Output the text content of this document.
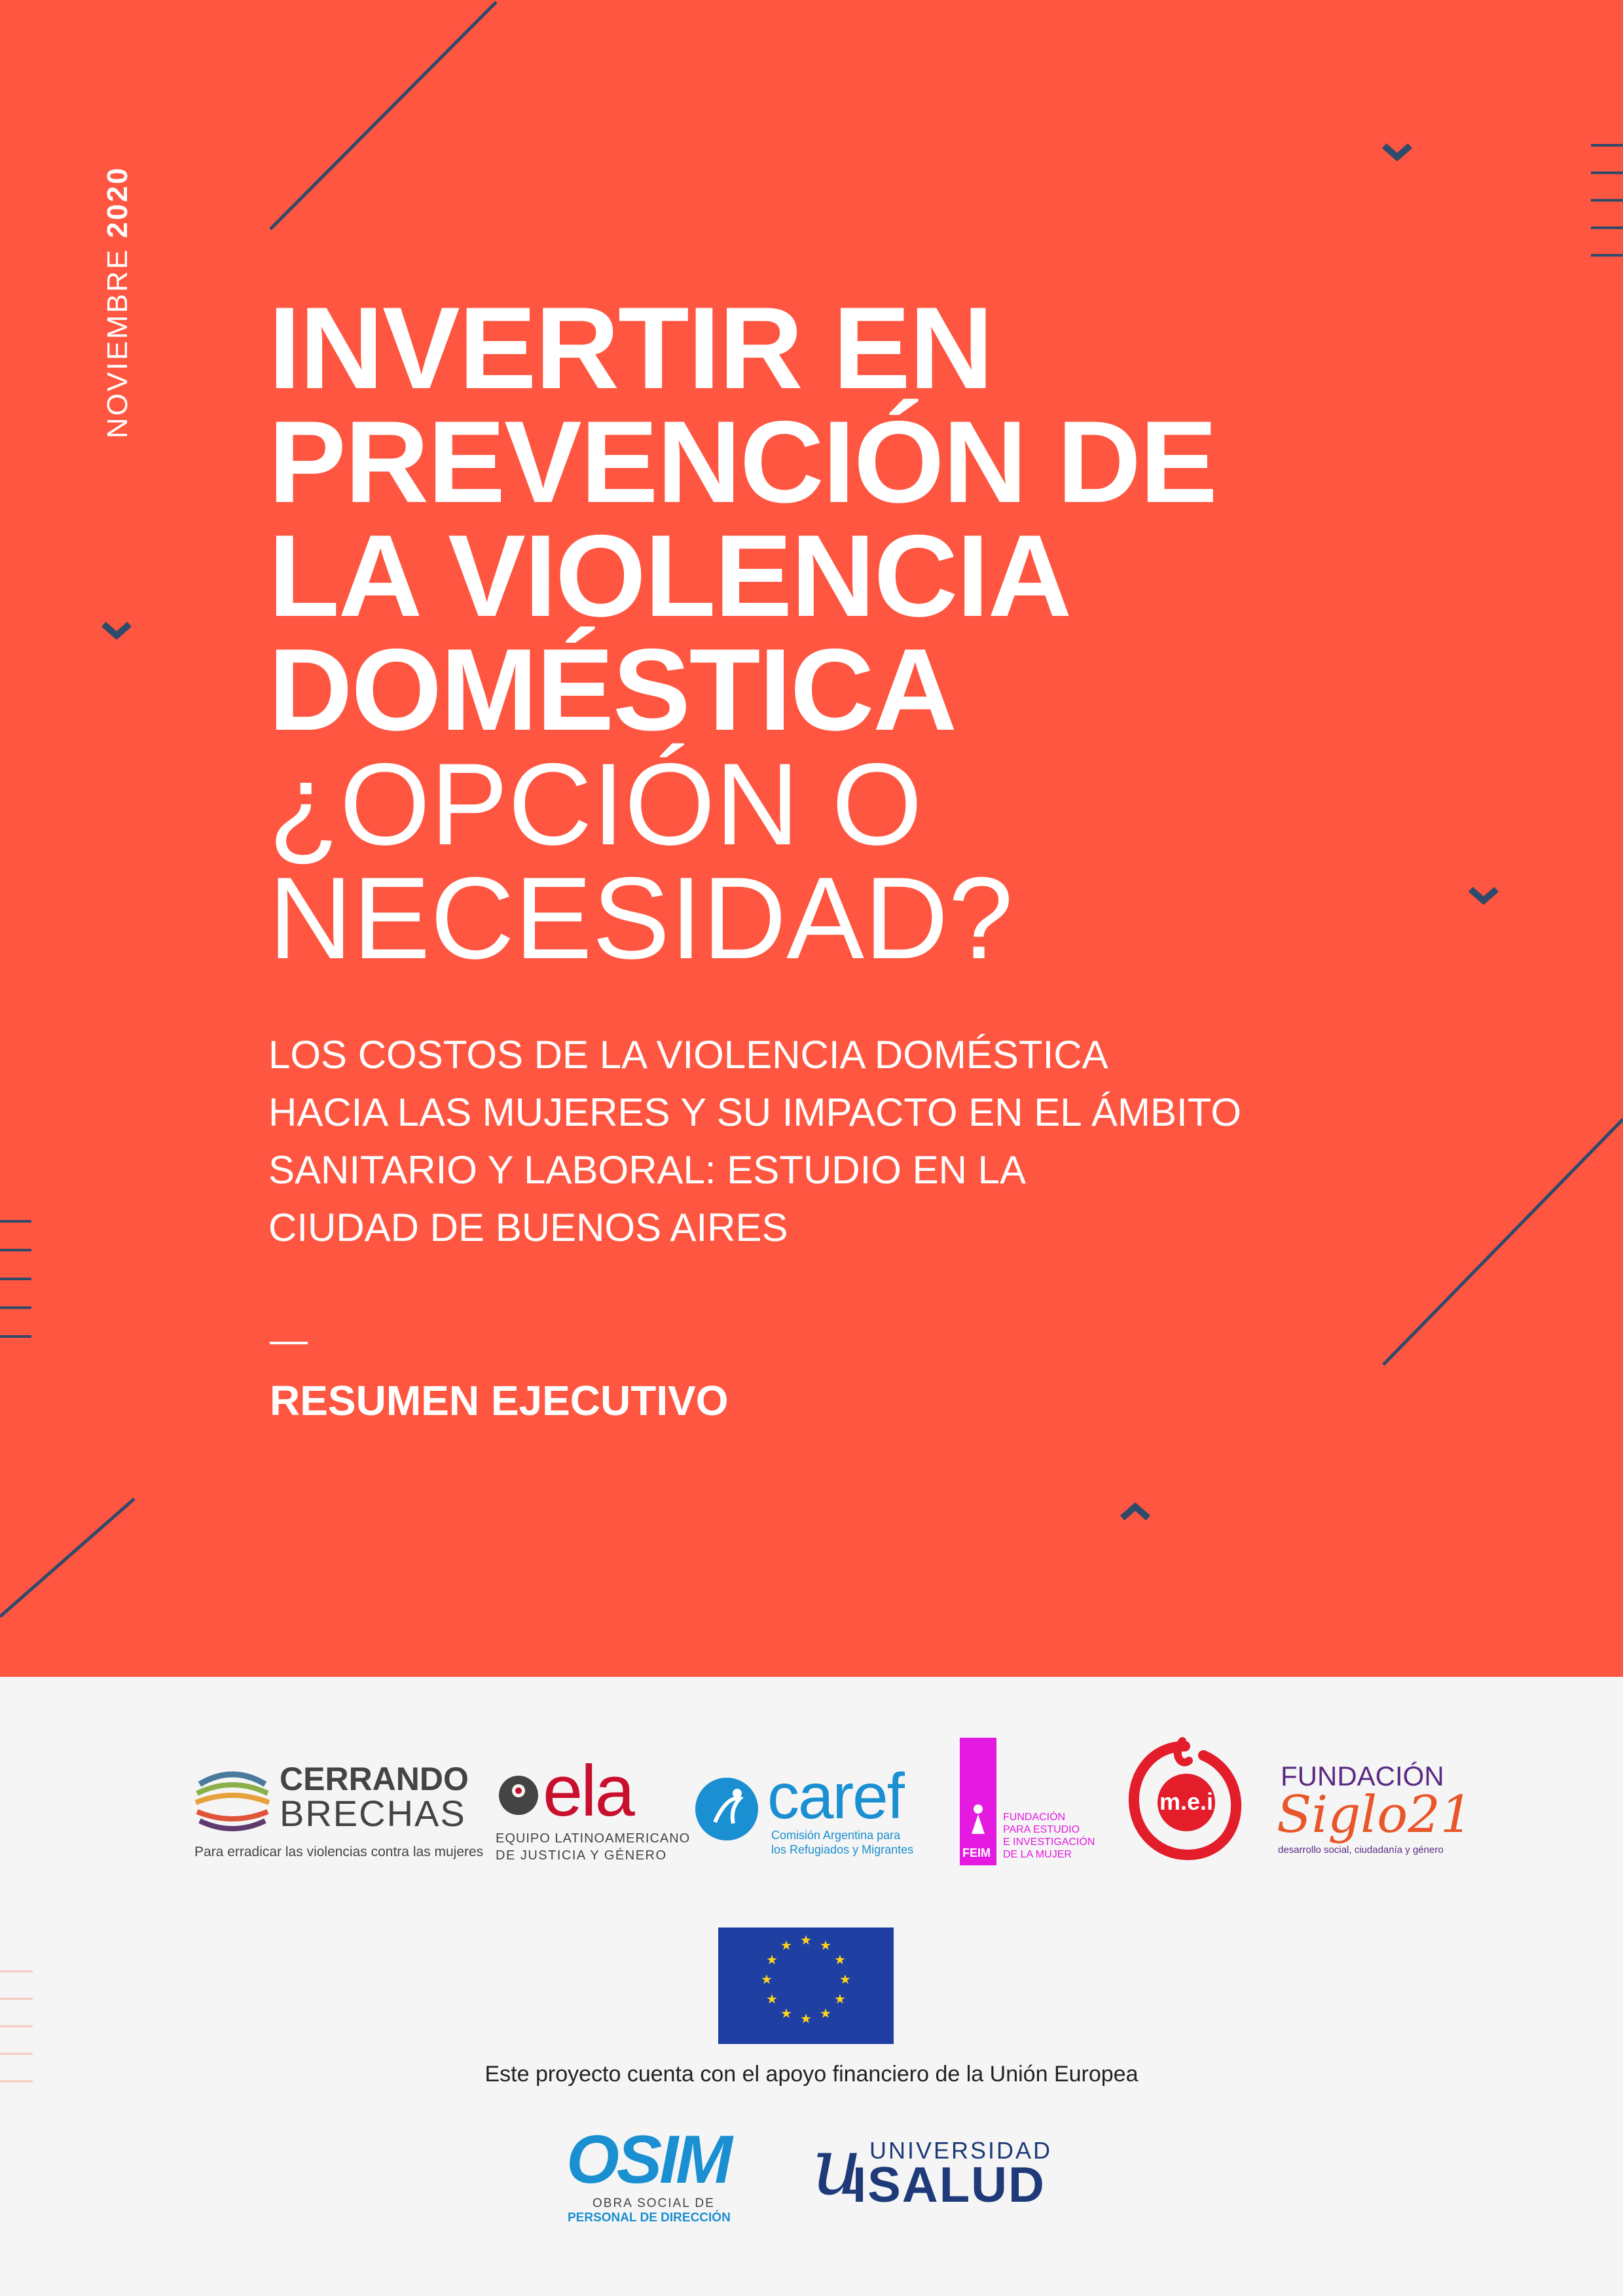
NOVIEMBRE 2020
INVERTIR EN
PREVENCIÓN DE
LA VIOLENCIA
DOMÉSTICA
¿OPCIÓN O
NECESIDAD?
LOS COSTOS DE LA VIOLENCIA DOMÉSTICA
HACIA LAS MUJERES Y SU IMPACTO EN EL ÁMBITO
SANITARIO Y LABORAL: ESTUDIO EN LA
CIUDAD DE BUENOS AIRES
RESUMEN EJECUTIVO
CERRANDO
BRECHAS
Para erradicar las violencias contra las mujeres
ela
EQUIPO LATINOAMERICANO
DE JUSTICIA Y GÉNERO
caref
Comisión Argentina para
los Refugiados y Migrantes	FEIM
FUNDACIÓN
PARA ESTUDIO
E INVESTIGACIÓN
DE LA MUJER
m.e.i
FUNDACIÓN
Siglo21
desarrollo social, ciudadanía y género
★ ★
★
★
★
★
★
★
★
★
★
★
Este proyecto cuenta con el apoyo financiero de la Unión Europea
OSIM
OBRA SOCIAL DE
PERSONAL DE DIRECCIÓN
u UNIVERSIDAD
ISALUD
